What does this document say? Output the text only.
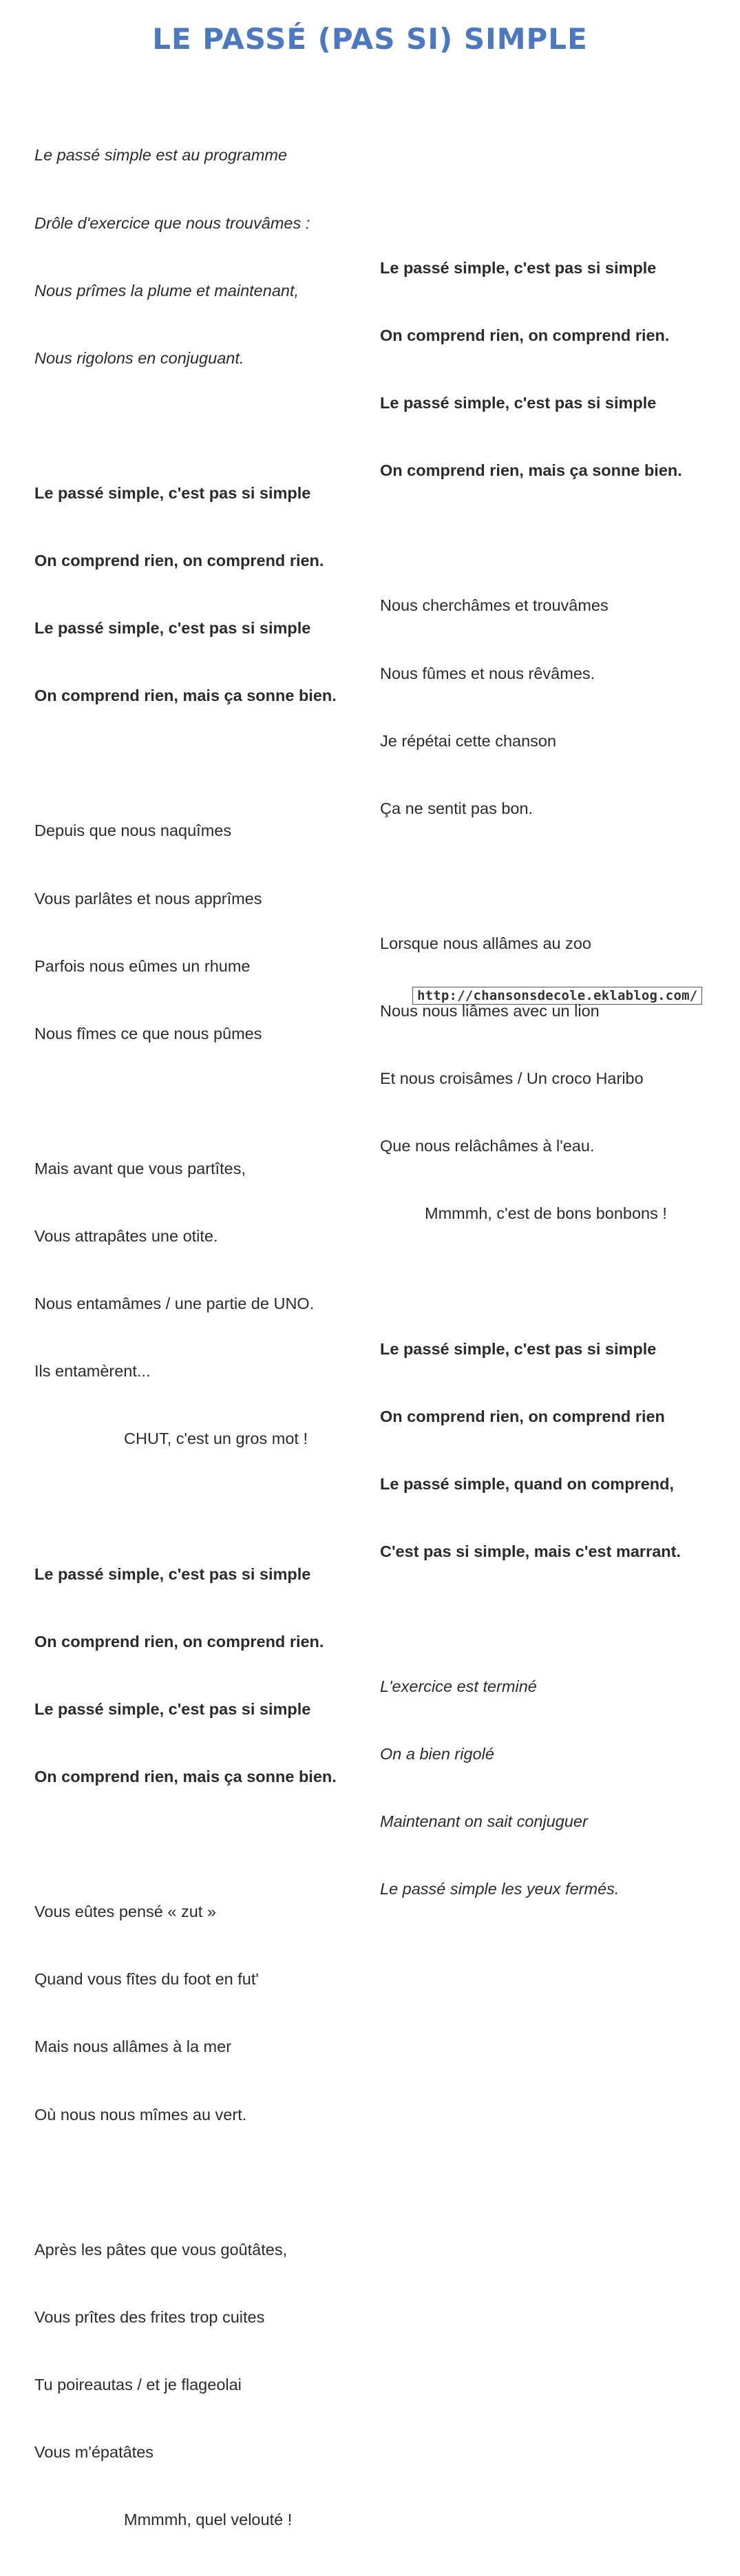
LE PASSÉ (PAS SI) SIMPLE

Le passé simple est au programme

Drôle d'exercice que nous trouvâmes :

Nous prîmes la plume et maintenant,

Nous rigolons en conjuguant.

Le passé simple, c'est pas si simple

On comprend rien, on comprend rien.

Le passé simple, c'est pas si simple

On comprend rien, mais ça sonne bien.

Depuis que nous naquîmes

Vous parlâtes et nous apprîmes

Parfois nous eûmes un rhume

Nous fîmes ce que nous pûmes

Mais avant que vous partîtes,

Vous attrapâtes une otite.

Nous entamâmes / une partie de UNO.

Ils entamèrent...

CHUT, c'est un gros mot !

Le passé simple, c'est pas si simple

On comprend rien, on comprend rien.

Le passé simple, c'est pas si simple

On comprend rien, mais ça sonne bien.

Vous eûtes pensé « zut »

Quand vous fîtes du foot en fut'

Mais nous allâmes à la mer

Où nous nous mîmes au vert.

Après les pâtes que vous goûtâtes,

Vous prîtes des frites trop cuites

Tu poireautas / et je flageolai

Vous m'épatâtes

Mmmmh, quel velouté !

Le passé simple, c'est pas si simple

On comprend rien, on comprend rien.

Le passé simple, c'est pas si simple

On comprend rien, mais ça sonne bien.

Nous cherchâmes et trouvâmes

Nous fûmes et nous rêvâmes.

Je répétai cette chanson

Ça ne sentit pas bon.

Lorsque nous allâmes au zoo

Nous nous liâmes avec un lion

Et nous croisâmes / Un croco Haribo

Que nous relâchâmes à l'eau.

Mmmmh, c'est de bons bonbons !

Le passé simple, c'est pas si simple

On comprend rien, on comprend rien

Le passé simple, quand on comprend,

C'est pas si simple, mais c'est marrant.

L'exercice est terminé

On a bien rigolé

Maintenant on sait conjuguer

Le passé simple les yeux fermés.

http://chansonsdecole.eklablog.com/
